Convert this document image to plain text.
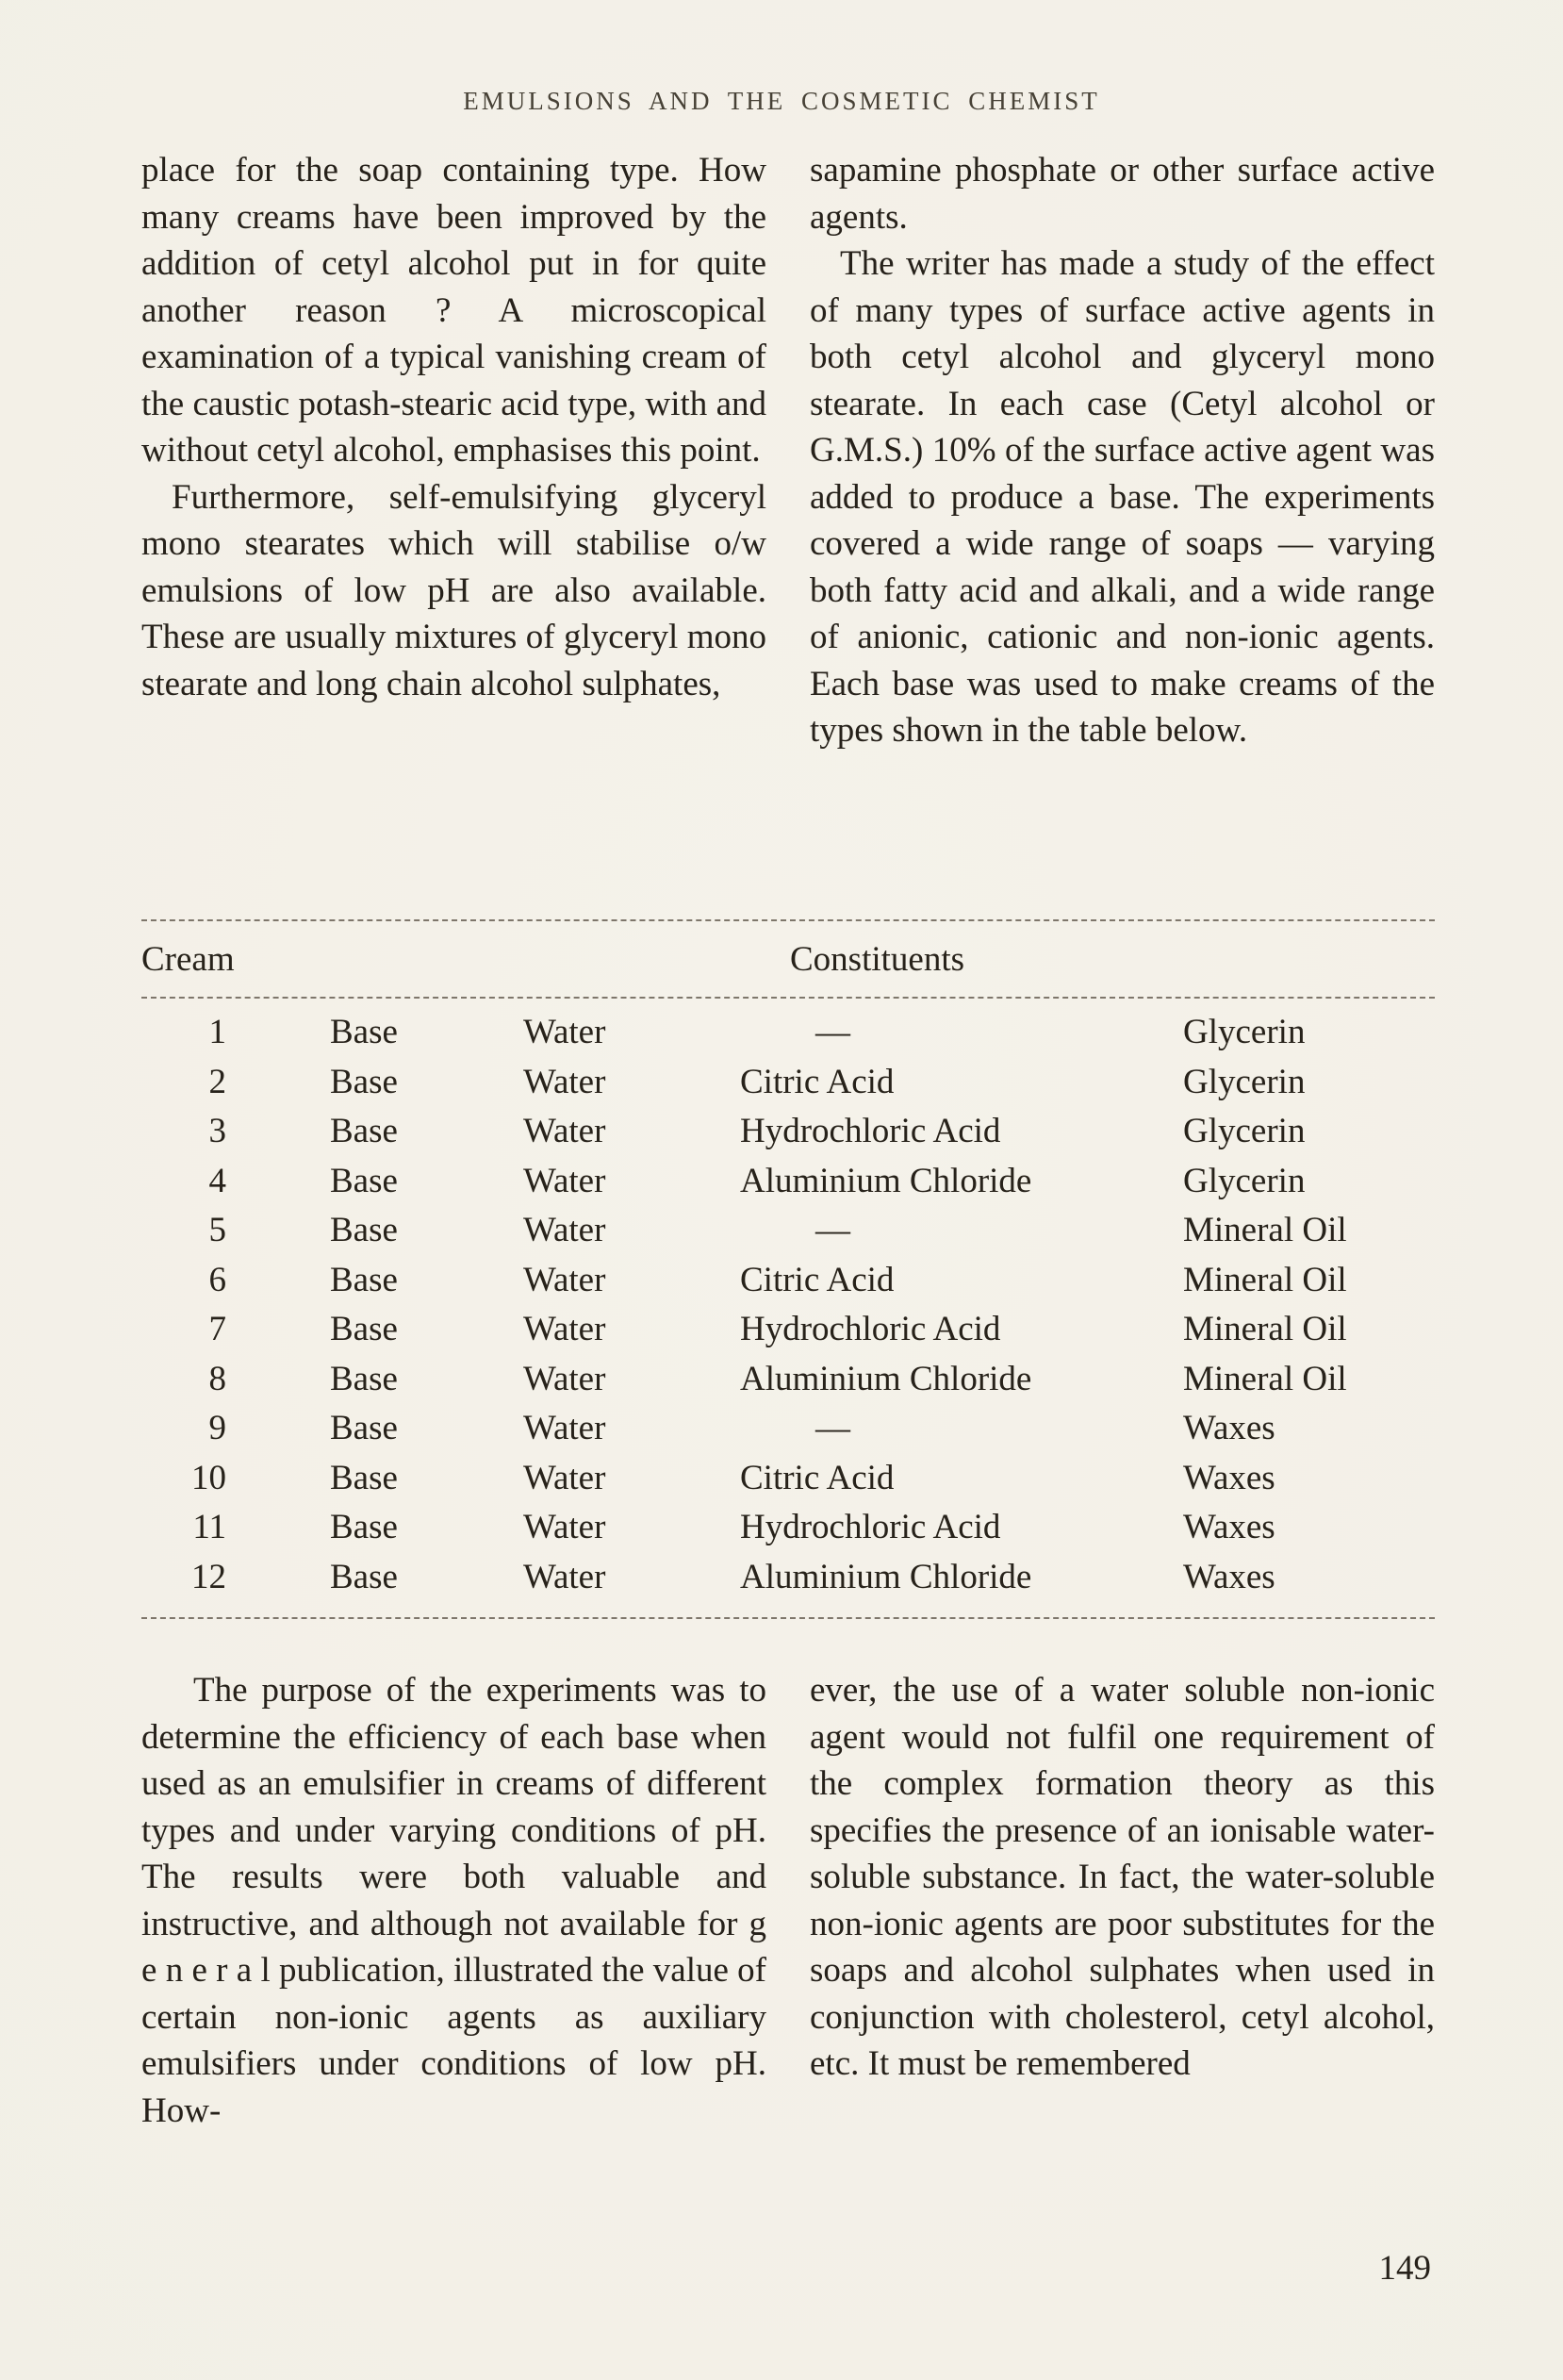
EMULSIONS AND THE COSMETIC CHEMIST

place for the soap containing type. How many creams have been improved by the addition of cetyl alcohol put in for quite another reason ? A microscopical examination of a typical vanishing cream of the caustic potash-stearic acid type, with and without cetyl alcohol, emphasises this point.

Furthermore, self-emulsifying glyceryl mono stearates which will stabilise o/w emulsions of low pH are also available. These are usually mixtures of glyceryl mono stearate and long chain alcohol sulphates,

sapamine phosphate or other surface active agents.

The writer has made a study of the effect of many types of surface active agents in both cetyl alcohol and glyceryl mono stearate. In each case (Cetyl alcohol or G.M.S.) 10% of the surface active agent was added to produce a base. The experiments covered a wide range of soaps — varying both fatty acid and alkali, and a wide range of anionic, cationic and non-ionic agents. Each base was used to make creams of the types shown in the table below.

Cream	Constituents
1	Base	Water	—	Glycerin
2	Base	Water	Citric Acid	Glycerin
3	Base	Water	Hydrochloric Acid	Glycerin
4	Base	Water	Aluminium Chloride	Glycerin
5	Base	Water	—	Mineral Oil
6	Base	Water	Citric Acid	Mineral Oil
7	Base	Water	Hydrochloric Acid	Mineral Oil
8	Base	Water	Aluminium Chloride	Mineral Oil
9	Base	Water	—	Waxes
10	Base	Water	Citric Acid	Waxes
11	Base	Water	Hydrochloric Acid	Waxes
12	Base	Water	Aluminium Chloride	Waxes

The purpose of the experiments was to determine the efficiency of each base when used as an emulsifier in creams of different types and under varying conditions of pH. The results were both valuable and instructive, and although not available for g e n e r a l publication, illustrated the value of certain non-ionic agents as auxiliary emulsifiers under conditions of low pH. How-

ever, the use of a water soluble non-ionic agent would not fulfil one requirement of the complex formation theory as this specifies the presence of an ionisable water-soluble substance. In fact, the water-soluble non-ionic agents are poor substitutes for the soaps and alcohol sulphates when used in conjunction with cholesterol, cetyl alcohol, etc. It must be remembered

149
